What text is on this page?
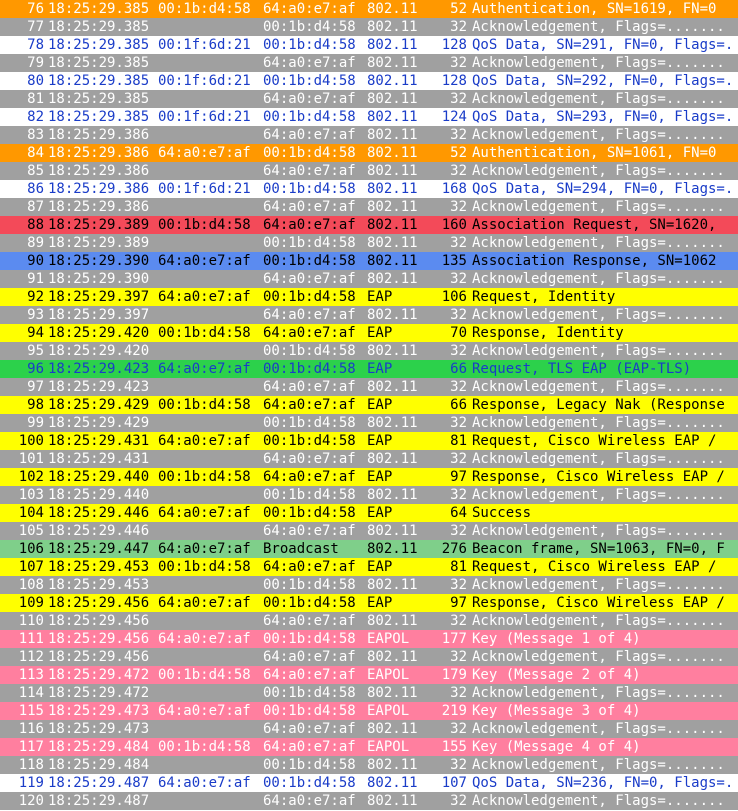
76 18:25:29.385 00:1b:d4:58 64:a0:e7:af 802.11	52 Authentication, SN=1619, FN=0
77 18:25:29.385	00:1b:d4:58 802.11	32 Acknowledgement, Flags=.......
78 18:25:29.385 00:1f:6d:21 00:1b:d4:58 802.11	128 QoS Data, SN=291, FN=0, Flags=.
79 18:25:29.385	64:a0:e7:af 802.11	32 Acknowledgement, Flags=.......
80 18:25:29.385 00:1f:6d:21 00:1b:d4:58 802.11	128 QoS Data, SN=292, FN=0, Flags=.
81 18:25:29.385	64:a0:e7:af 802.11	32 Acknowledgement, Flags=.......
82 18:25:29.385 00:1f:6d:21 00:1b:d4:58 802.11	124 QoS Data, SN=293, FN=0, Flags=.
83 18:25:29.386	64:a0:e7:af 802.11	32 Acknowledgement, Flags=.......
84 18:25:29.386 64:a0:e7:af 00:1b:d4:58 802.11	52 Authentication, SN=1061, FN=0
85 18:25:29.386	64:a0:e7:af 802.11	32 Acknowledgement, Flags=.......
86 18:25:29.386 00:1f:6d:21 00:1b:d4:58 802.11	168 QoS Data, SN=294, FN=0, Flags=.
87 18:25:29.386	64:a0:e7:af 802.11	32 Acknowledgement, Flags=.......
88 18:25:29.389 00:1b:d4:58 64:a0:e7:af 802.11	160 Association Request, SN=1620,
89 18:25:29.389	00:1b:d4:58 802.11	32 Acknowledgement, Flags=.......
90 18:25:29.390 64:a0:e7:af 00:1b:d4:58 802.11	135 Association Response, SN=1062
91 18:25:29.390	64:a0:e7:af 802.11	32 Acknowledgement, Flags=.......
92 18:25:29.397 64:a0:e7:af 00:1b:d4:58 EAP	106 Request, Identity
93 18:25:29.397	64:a0:e7:af 802.11	32 Acknowledgement, Flags=.......
94 18:25:29.420 00:1b:d4:58 64:a0:e7:af EAP	70 Response, Identity
95 18:25:29.420	00:1b:d4:58 802.11	32 Acknowledgement, Flags=.......
96 18:25:29.423 64:a0:e7:af 00:1b:d4:58 EAP	66 Request, TLS EAP (EAP-TLS)
97 18:25:29.423	64:a0:e7:af 802.11	32 Acknowledgement, Flags=.......
98 18:25:29.429 00:1b:d4:58 64:a0:e7:af EAP	66 Response, Legacy Nak (Response
99 18:25:29.429	00:1b:d4:58 802.11	32 Acknowledgement, Flags=.......
100 18:25:29.431 64:a0:e7:af 00:1b:d4:58 EAP	81 Request, Cisco Wireless EAP /
101 18:25:29.431	64:a0:e7:af 802.11	32 Acknowledgement, Flags=.......
102 18:25:29.440 00:1b:d4:58 64:a0:e7:af EAP	97 Response, Cisco Wireless EAP /
103 18:25:29.440	00:1b:d4:58 802.11	32 Acknowledgement, Flags=.......
104 18:25:29.446 64:a0:e7:af 00:1b:d4:58 EAP	64 Success
105 18:25:29.446	64:a0:e7:af 802.11	32 Acknowledgement, Flags=.......
106 18:25:29.447 64:a0:e7:af Broadcast	802.11	276 Beacon frame, SN=1063, FN=0, F
107 18:25:29.453 00:1b:d4:58 64:a0:e7:af EAP	81 Request, Cisco Wireless EAP /
108 18:25:29.453	00:1b:d4:58 802.11	32 Acknowledgement, Flags=.......
109 18:25:29.456 64:a0:e7:af 00:1b:d4:58 EAP	97 Response, Cisco Wireless EAP /
110 18:25:29.456	64:a0:e7:af 802.11	32 Acknowledgement, Flags=.......
111 18:25:29.456 64:a0:e7:af 00:1b:d4:58 EAPOL	177 Key (Message 1 of 4)
112 18:25:29.456	64:a0:e7:af 802.11	32 Acknowledgement, Flags=.......
113 18:25:29.472 00:1b:d4:58 64:a0:e7:af EAPOL	179 Key (Message 2 of 4)
114 18:25:29.472	00:1b:d4:58 802.11	32 Acknowledgement, Flags=.......
115 18:25:29.473 64:a0:e7:af 00:1b:d4:58 EAPOL	219 Key (Message 3 of 4)
116 18:25:29.473	64:a0:e7:af 802.11	32 Acknowledgement, Flags=.......
117 18:25:29.484 00:1b:d4:58 64:a0:e7:af EAPOL	155 Key (Message 4 of 4)
118 18:25:29.484	00:1b:d4:58 802.11	32 Acknowledgement, Flags=.......
119 18:25:29.487 64:a0:e7:af 00:1b:d4:58 802.11	107 QoS Data, SN=236, FN=0, Flags=.
120 18:25:29.487	64:a0:e7:af 802.11	32 Acknowledgement, Flags=.......
